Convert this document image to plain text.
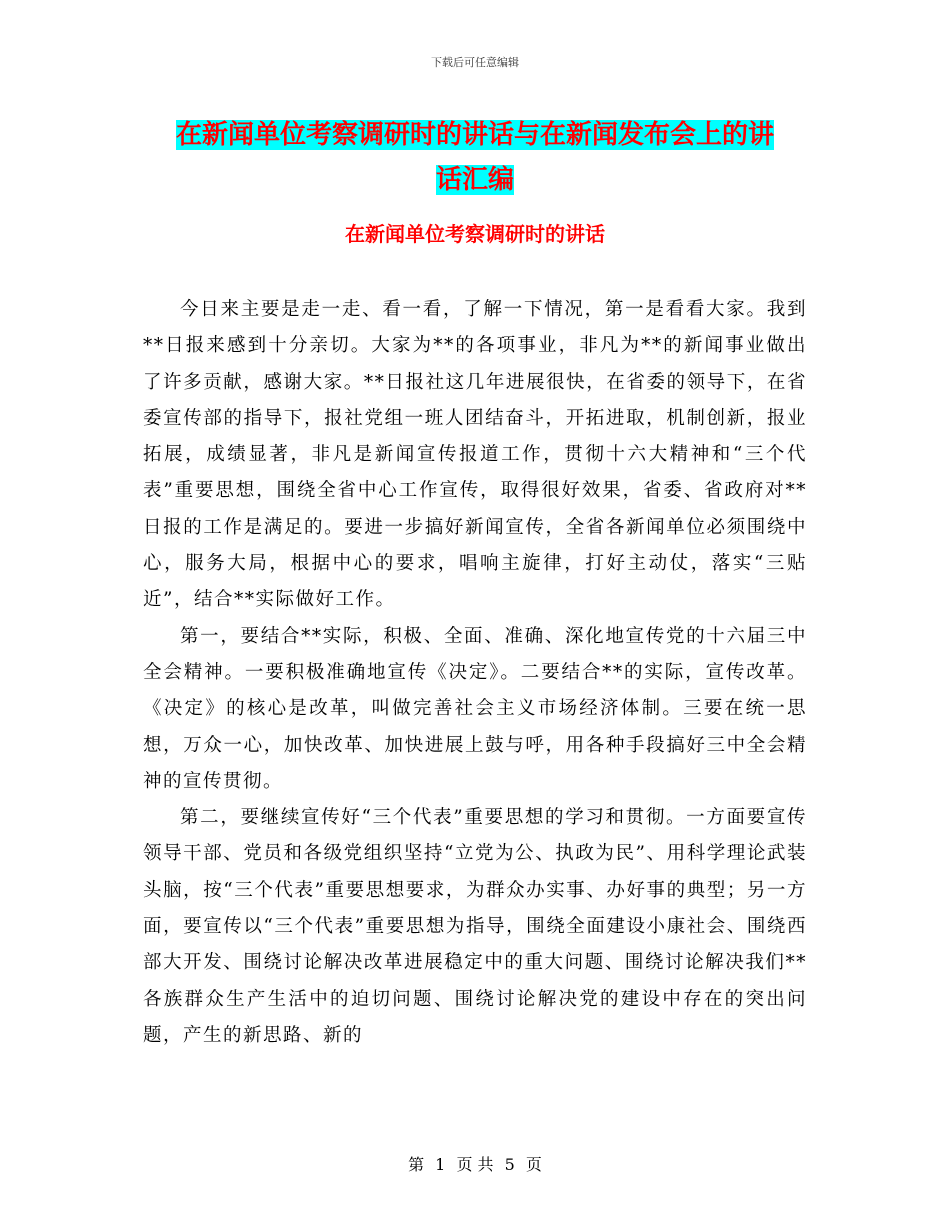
下载后可任意编辑
在新闻单位考察调研时的讲话与在新闻发布会上的讲
话汇编
在新闻单位考察调研时的讲话

今日来主要是走一走、看一看，了解一下情况，第一是看看大家。我到**日报来感到十分亲切。大家为**的各项事业，非凡为**的新闻事业做出了许多贡献，感谢大家。**日报社这几年进展很快，在省委的领导下，在省委宣传部的指导下，报社党组一班人团结奋斗，开拓进取，机制创新，报业拓展，成绩显著，非凡是新闻宣传报道工作，贯彻十六大精神和“三个代表”重要思想，围绕全省中心工作宣传，取得很好效果，省委、省政府对**日报的工作是满足的。要进一步搞好新闻宣传，全省各新闻单位必须围绕中心，服务大局，根据中心的要求，唱响主旋律，打好主动仗，落实“三贴近”，结合**实际做好工作。

第一，要结合**实际，积极、全面、准确、深化地宣传党的十六届三中全会精神。一要积极准确地宣传《决定》。二要结合**的实际，宣传改革。《决定》的核心是改革，叫做完善社会主义市场经济体制。三要在统一思想，万众一心，加快改革、加快进展上鼓与呼，用各种手段搞好三中全会精神的宣传贯彻。

第二，要继续宣传好“三个代表”重要思想的学习和贯彻。一方面要宣传领导干部、党员和各级党组织坚持“立党为公、执政为民”、用科学理论武装头脑，按“三个代表”重要思想要求，为群众办实事、办好事的典型；另一方面，要宣传以“三个代表”重要思想为指导，围绕全面建设小康社会、围绕西部大开发、围绕讨论解决改革进展稳定中的重大问题、围绕讨论解决我们**各族群众生产生活中的迫切问题、围绕讨论解决党的建设中存在的突出问题，产生的新思路、新的

第 1 页 共 5 页
